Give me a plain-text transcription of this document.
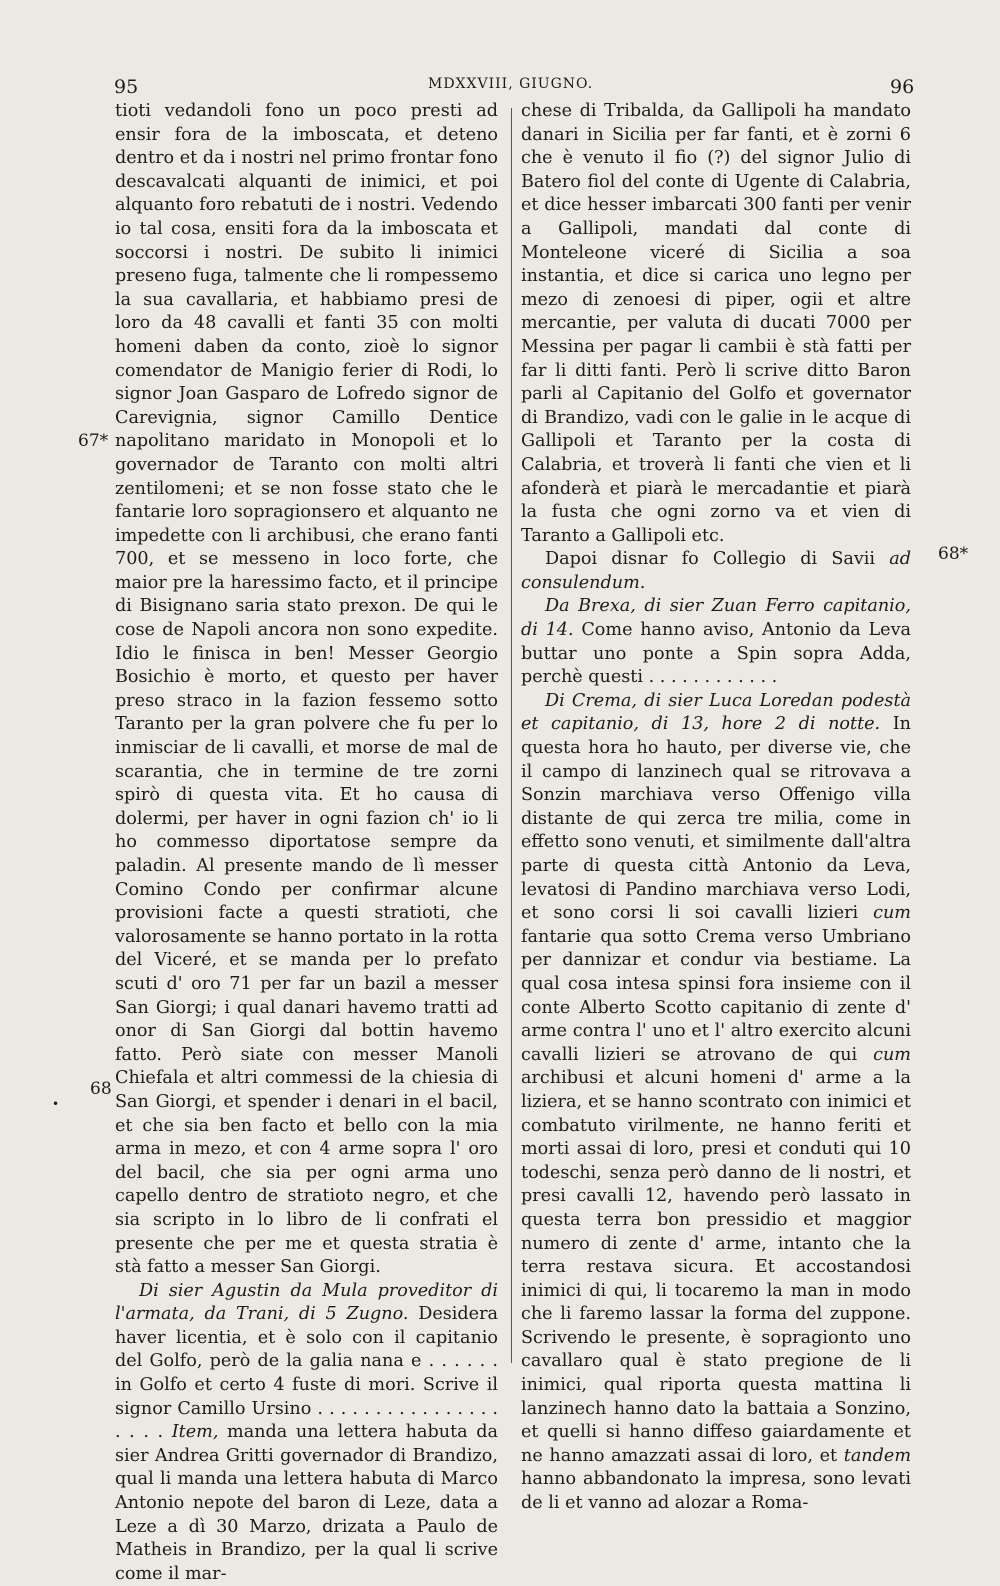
95	MDXXVIII, GIUGNO.	96
67*
68*
68
•

tioti vedandoli fono un poco presti ad ensir fora de la imboscata, et deteno dentro et da i nostri nel primo frontar fono descavalcati alquanti de inimici, et poi alquanto foro rebatuti de i nostri. Vedendo io tal cosa, ensiti fora da la imboscata et soccorsi i nostri. De subito li inimici preseno fuga, talmente che li rompessemo la sua cavallaria, et habbiamo presi de loro da 48 cavalli et fanti 35 con molti homeni daben da conto, zioè lo signor comendator de Manigio ferier di Rodi, lo signor Joan Gasparo de Lofredo signor de Carevignia, signor Camillo Dentice napolitano maridato in Monopoli et lo governador de Taranto con molti altri zentilomeni; et se non fosse stato che le fantarie loro sopragionsero et alquanto ne impedette con li archibusi, che erano fanti 700, et se messeno in loco forte, che maior pre la haressimo facto, et il principe di Bisignano saria stato prexon. De qui le cose de Napoli ancora non sono expedite. Idio le finisca in ben! Messer Georgio Bosichio è morto, et questo per haver preso straco in la fazion fessemo sotto Taranto per la gran polvere che fu per lo inmisciar de li cavalli, et morse de mal de scarantia, che in termine de tre zorni spirò di questa vita. Et ho causa di dolermi, per haver in ogni fazion ch' io li ho commesso diportatose sempre da paladin. Al presente mando de lì messer Comino Condo per confirmar alcune provisioni facte a questi stratioti, che valorosamente se hanno portato in la rotta del Viceré, et se manda per lo prefato scuti d' oro 71 per far un bazil a messer San Giorgi; i qual danari havemo tratti ad onor di San Giorgi dal bottin havemo fatto. Però siate con messer Manoli Chiefala et altri commessi de la chiesia di San Giorgi, et spender i denari in el bacil, et che sia ben facto et bello con la mia arma in mezo, et con 4 arme sopra l' oro del bacil, che sia per ogni arma uno capello dentro de stratioto negro, et che sia scripto in lo libro de li confrati el presente che per me et questa stratia è stà fatto a messer San Giorgi.

Di sier Agustin da Mula proveditor di l'armata, da Trani, di 5 Zugno. Desidera haver licentia, et è solo con il capitanio del Golfo, però de la galia nana e . . . . . . in Golfo et certo 4 fuste di mori. Scrive il signor Camillo Ursino . . . . . . . . . . . . . . . . . . . . Item, manda una lettera habuta da sier Andrea Gritti governador di Brandizo, qual li manda una lettera habuta di Marco Antonio nepote del baron di Leze, data a Leze a dì 30 Marzo, drizata a Paulo de Matheis in Brandizo, per la qual li scrive come il mar-

chese di Tribalda, da Gallipoli ha mandato danari in Sicilia per far fanti, et è zorni 6 che è venuto il fio (?) del signor Julio di Batero fiol del conte di Ugente di Calabria, et dice hesser imbarcati 300 fanti per venir a Gallipoli, mandati dal conte di Monteleone viceré di Sicilia a soa instantia, et dice si carica uno legno per mezo di zenoesi di piper, ogii et altre mercantie, per valuta di ducati 7000 per Messina per pagar li cambii è stà fatti per far li ditti fanti. Però li scrive ditto Baron parli al Capitanio del Golfo et governator di Brandizo, vadi con le galie in le acque di Gallipoli et Taranto per la costa di Calabria, et troverà li fanti che vien et li afonderà et piarà le mercadantie et piarà la fusta che ogni zorno va et vien di Taranto a Gallipoli etc.

Dapoi disnar fo Collegio di Savii ad consulendum.

Da Brexa, di sier Zuan Ferro capitanio, di 14. Come hanno aviso, Antonio da Leva buttar uno ponte a Spin sopra Adda, perchè questi . . . . . . . . . . . .

Di Crema, di sier Luca Loredan podestà et capitanio, di 13, hore 2 di notte. In questa hora ho hauto, per diverse vie, che il campo di lanzinech qual se ritrovava a Sonzin marchiava verso Offenigo villa distante de qui zerca tre milia, come in effetto sono venuti, et similmente dall'altra parte di questa città Antonio da Leva, levatosi di Pandino marchiava verso Lodi, et sono corsi li soi cavalli lizieri cum fantarie qua sotto Crema verso Umbriano per dannizar et condur via bestiame. La qual cosa intesa spinsi fora insieme con il conte Alberto Scotto capitanio di zente d' arme contra l' uno et l' altro exercito alcuni cavalli lizieri se atrovano de qui cum archibusi et alcuni homeni d' arme a la liziera, et se hanno scontrato con inimici et combatuto virilmente, ne hanno feriti et morti assai di loro, presi et conduti qui 10 todeschi, senza però danno de li nostri, et presi cavalli 12, havendo però lassato in questa terra bon pressidio et maggior numero di zente d' arme, intanto che la terra restava sicura. Et accostandosi inimici di qui, li tocaremo la man in modo che li faremo lassar la forma del zuppone. Scrivendo le presente, è sopragionto uno cavallaro qual è stato pregione de li inimici, qual riporta questa mattina li lanzinech hanno dato la battaia a Sonzino, et quelli si hanno diffeso gaiardamente et ne hanno amazzati assai di loro, et tandem hanno abbandonato la impresa, sono levati de li et vanno ad alozar a Roma-
